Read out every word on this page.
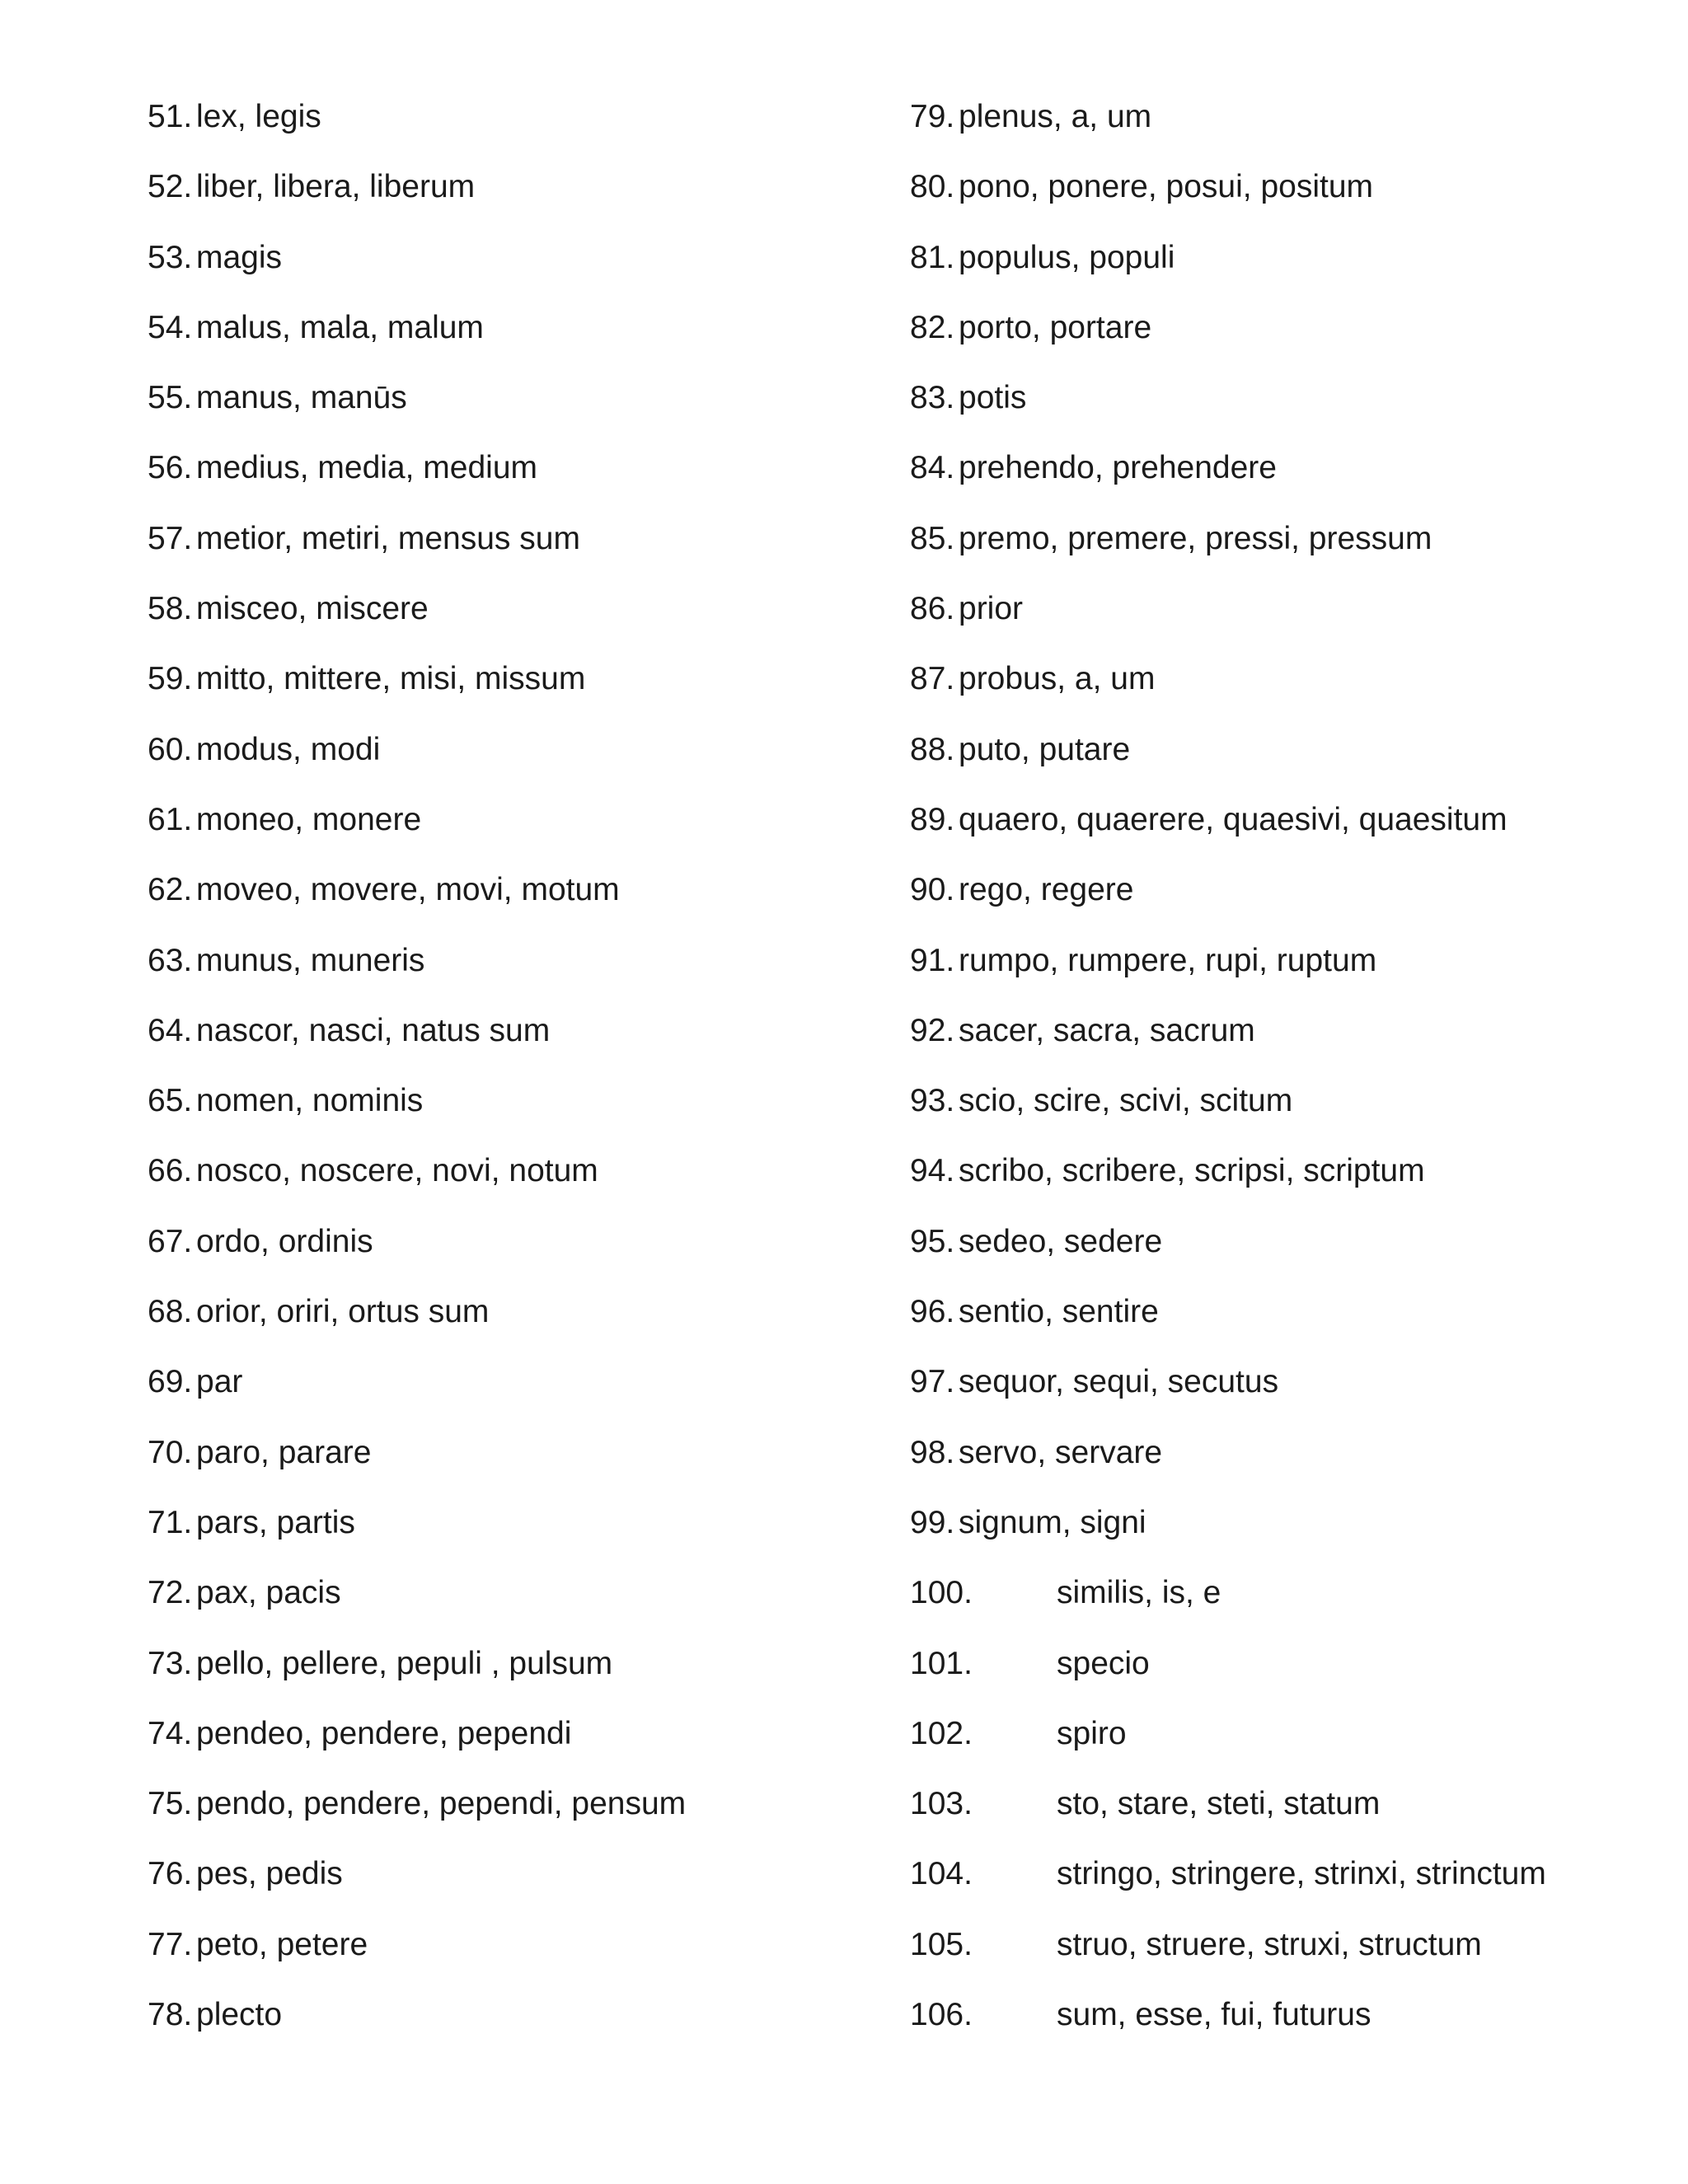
51. lex, legis
52. liber, libera, liberum
53. magis
54. malus, mala, malum
55. manus, manūs
56. medius, media, medium
57. metior, metiri, mensus sum
58. misceo, miscere
59. mitto, mittere, misi, missum
60. modus, modi
61. moneo, monere
62. moveo, movere, movi, motum
63. munus, muneris
64. nascor, nasci, natus sum
65. nomen, nominis
66. nosco, noscere, novi, notum
67. ordo, ordinis
68. orior, oriri, ortus sum
69. par
70. paro, parare
71. pars, partis
72. pax, pacis
73. pello, pellere, pepuli , pulsum
74. pendeo, pendere, pependi
75. pendo, pendere, pependi, pensum
76. pes, pedis
77. peto, petere
78. plecto
79. plenus, a, um
80. pono, ponere, posui, positum
81. populus, populi
82. porto, portare
83. potis
84. prehendo, prehendere
85. premo, premere, pressi, pressum
86. prior
87. probus, a, um
88. puto, putare
89. quaero, quaerere, quaesivi, quaesitum
90. rego, regere
91. rumpo, rumpere, rupi, ruptum
92. sacer, sacra, sacrum
93. scio, scire, scivi, scitum
94. scribo, scribere, scripsi, scriptum
95. sedeo, sedere
96. sentio, sentire
97. sequor, sequi, secutus
98. servo, servare
99. signum, signi
100.	similis, is, e
101.	specio
102.	spiro
103.	sto, stare, steti, statum
104.	stringo, stringere, strinxi, strinctum
105.	struo, struere, struxi, structum
106.	sum, esse, fui, futurus
